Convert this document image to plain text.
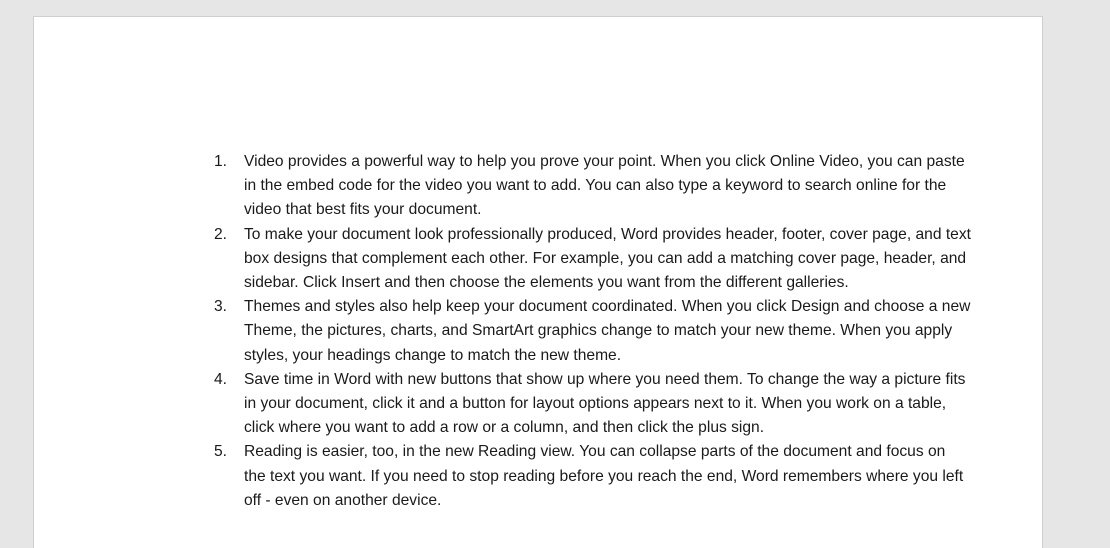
1. Video provides a powerful way to help you prove your point. When you click Online Video, you can paste in the embed code for the video you want to add. You can also type a keyword to search online for the video that best fits your document.
2. To make your document look professionally produced, Word provides header, footer, cover page, and text box designs that complement each other. For example, you can add a matching cover page, header, and sidebar. Click Insert and then choose the elements you want from the different galleries.
3. Themes and styles also help keep your document coordinated. When you click Design and choose a new Theme, the pictures, charts, and SmartArt graphics change to match your new theme. When you apply styles, your headings change to match the new theme.
4. Save time in Word with new buttons that show up where you need them. To change the way a picture fits in your document, click it and a button for layout options appears next to it. When you work on a table, click where you want to add a row or a column, and then click the plus sign.
5. Reading is easier, too, in the new Reading view. You can collapse parts of the document and focus on the text you want. If you need to stop reading before you reach the end, Word remembers where you left off - even on another device.
